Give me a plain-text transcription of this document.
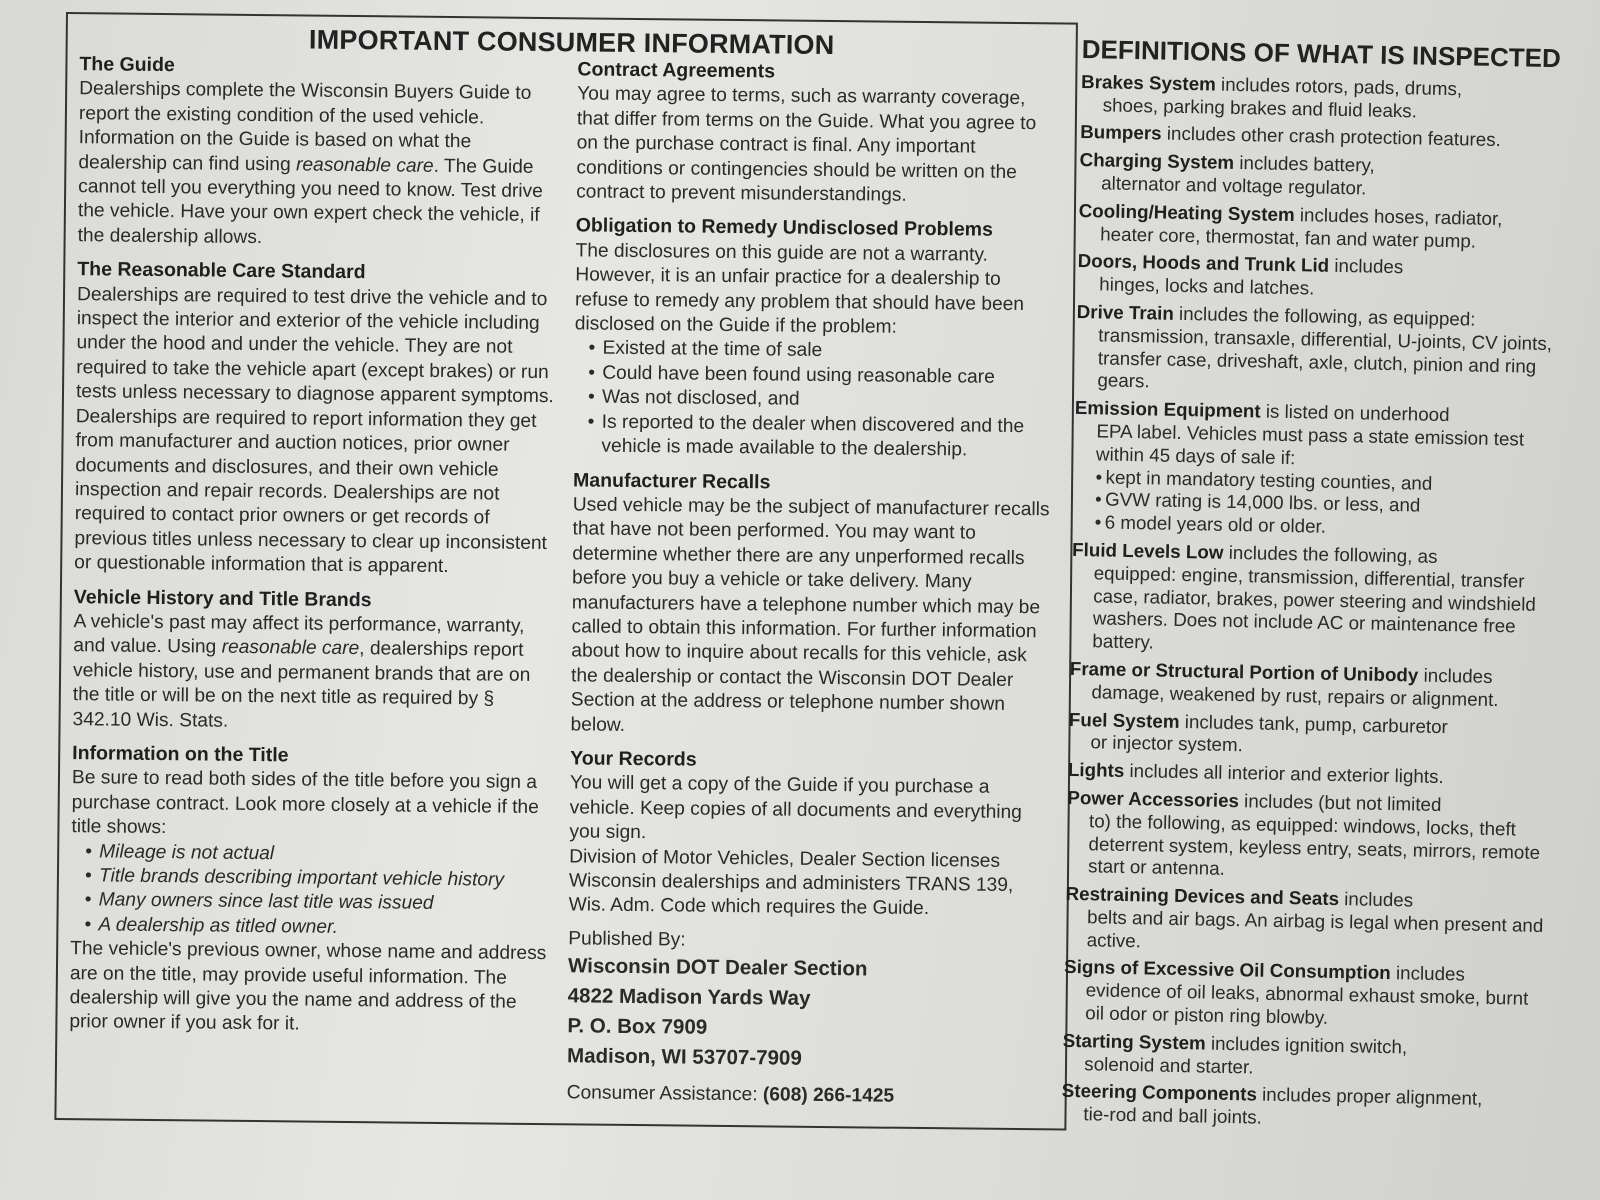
IMPORTANT CONSUMER INFORMATION
The Guide

Dealerships complete the Wisconsin Buyers Guide to report the existing condition of the used vehicle. Information on the Guide is based on what the dealership can find using reasonable care. The Guide cannot tell you everything you need to know. Test drive the vehicle. Have your own expert check the vehicle, if the dealership allows.

The Reasonable Care Standard

Dealerships are required to test drive the vehicle and to inspect the interior and exterior of the vehicle including under the hood and under the vehicle. They are not required to take the vehicle apart (except brakes) or run tests unless necessary to diagnose apparent symptoms.

Dealerships are required to report information they get from manufacturer and auction notices, prior owner documents and disclosures, and their own vehicle inspection and repair records. Dealerships are not required to contact prior owners or get records of previous titles unless necessary to clear up inconsistent or questionable information that is apparent.

Vehicle History and Title Brands

A vehicle's past may affect its performance, warranty, and value. Using reasonable care, dealerships report vehicle history, use and permanent brands that are on the title or will be on the next title as required by § 342.10 Wis. Stats.

Information on the Title

Be sure to read both sides of the title before you sign a purchase contract. Look more closely at a vehicle if the title shows:

• Mileage is not actual
• Title brands describing important vehicle history
• Many owners since last title was issued
• A dealership as titled owner.

The vehicle's previous owner, whose name and address are on the title, may provide useful information. The dealership will give you the name and address of the prior owner if you ask for it.

Contract Agreements

You may agree to terms, such as warranty coverage, that differ from terms on the Guide. What you agree to on the purchase contract is final. Any important conditions or contingencies should be written on the contract to prevent misunderstandings.

Obligation to Remedy Undisclosed Problems

The disclosures on this guide are not a warranty. However, it is an unfair practice for a dealership to refuse to remedy any problem that should have been disclosed on the Guide if the problem:

• Existed at the time of sale
• Could have been found using reasonable care
• Was not disclosed, and
• Is reported to the dealer when discovered and the vehicle is made available to the dealership.
Manufacturer Recalls

Used vehicle may be the subject of manufacturer recalls that have not been performed. You may want to determine whether there are any unperformed recalls before you buy a vehicle or take delivery. Many manufacturers have a telephone number which may be called to obtain this information. For further information about how to inquire about recalls for this vehicle, ask the dealership or contact the Wisconsin DOT Dealer Section at the address or telephone number shown below.

Your Records

You will get a copy of the Guide if you purchase a vehicle. Keep copies of all documents and everything you sign.

Division of Motor Vehicles, Dealer Section licenses Wisconsin dealerships and administers TRANS 139, Wis. Adm. Code which requires the Guide.

Published By:
Wisconsin DOT Dealer Section
4822 Madison Yards Way
P. O. Box 7909
Madison, WI 53707-7909
Consumer Assistance: (608) 266-1425
DEFINITIONS OF WHAT IS INSPECTED
Brakes System includes rotors, pads, drums,
shoes, parking brakes and fluid leaks.
Bumpers includes other crash protection features.
Charging System includes battery,
alternator and voltage regulator.
Cooling/Heating System includes hoses, radiator,
heater core, thermostat, fan and water pump.
Doors, Hoods and Trunk Lid includes
hinges, locks and latches.
Drive Train includes the following, as equipped:
transmission, transaxle, differential, U-joints, CV joints, transfer case, driveshaft, axle, clutch, pinion and ring gears.
Emission Equipment is listed on underhood
EPA label. Vehicles must pass a state emission test within 45 days of sale if:
• kept in mandatory testing counties, and
• GVW rating is 14,000 lbs. or less, and
• 6 model years old or older.
Fluid Levels Low includes the following, as
equipped: engine, transmission, differential, transfer case, radiator, brakes, power steering and windshield washers. Does not include AC or maintenance free battery.
Frame or Structural Portion of Unibody includes
damage, weakened by rust, repairs or alignment.
Fuel System includes tank, pump, carburetor
or injector system.
Lights includes all interior and exterior lights.
Power Accessories includes (but not limited
to) the following, as equipped: windows, locks, theft deterrent system, keyless entry, seats, mirrors, remote start or antenna.
Restraining Devices and Seats includes
belts and air bags. An airbag is legal when present and active.
Signs of Excessive Oil Consumption includes
evidence of oil leaks, abnormal exhaust smoke, burnt oil odor or piston ring blowby.
Starting System includes ignition switch,
solenoid and starter.
Steering Components includes proper alignment,
tie-rod and ball joints.
